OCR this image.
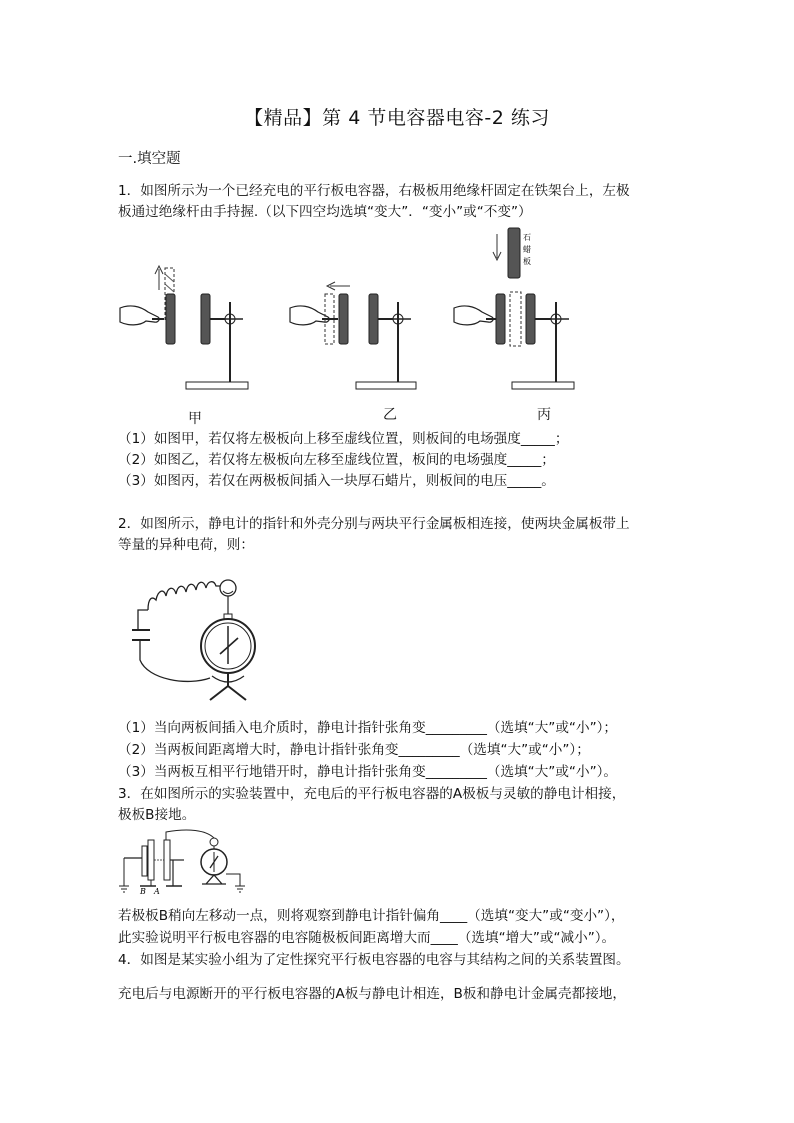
【精品】第 4 节电容器电容-2 练习
一.填空题
1．如图所示为一个已经充电的平行板电容器，右极板用绝缘杆固定在铁架台上，左极
板通过绝缘杆由手持握.（以下四空均选填“变大”．“变小”或“不变”）
石
蜡
板
甲	乙	丙
（1）如图甲，若仅将左极板向上移至虚线位置，则板间的电场强度_____；
（2）如图乙，若仅将左极板向左移至虚线位置，板间的电场强度_____；
（3）如图丙，若仅在两极板间插入一块厚石蜡片，则板间的电压_____。
2．如图所示，静电计的指针和外壳分别与两块平行金属板相连接，使两块金属板带上
等量的异种电荷，则：
（1）当向两板间插入电介质时，静电计指针张角变_________（选填“大”或“小”）；
（2）当两板间距离增大时，静电计指针张角变_________（选填“大”或“小”）；
（3）当两板互相平行地错开时，静电计指针张角变_________（选填“大”或“小”）。
3．在如图所示的实验装置中，充电后的平行板电容器的A极板与灵敏的静电计相接，
极板B接地。
B A
若极板B稍向左移动一点，则将观察到静电计指针偏角____（选填“变大”或“变小”），
此实验说明平行板电容器的电容随极板间距离增大而____（选填“增大”或“减小”）。
4．如图是某实验小组为了定性探究平行板电容器的电容与其结构之间的关系装置图。
充电后与电源断开的平行板电容器的A板与静电计相连，B板和静电计金属壳都接地，
